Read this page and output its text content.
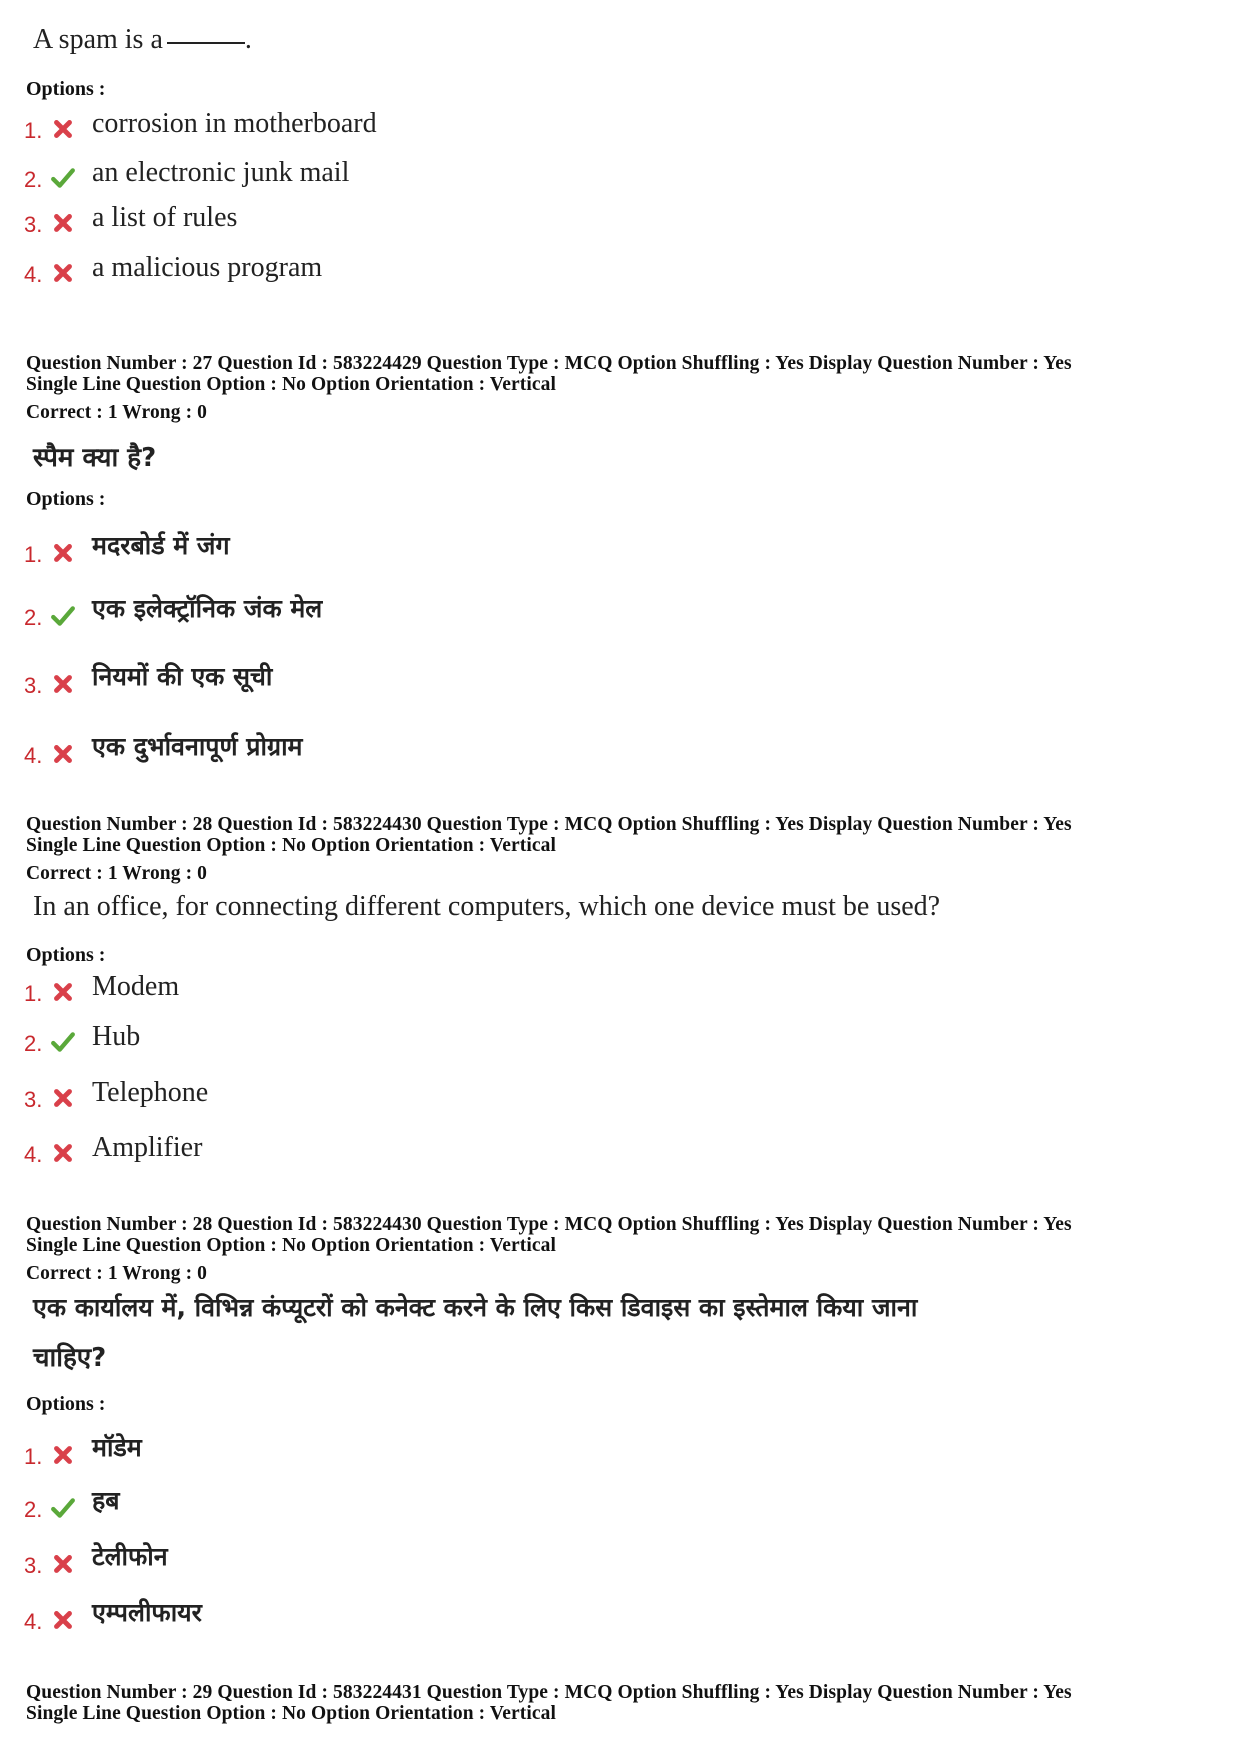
A spam is a	.
Options :
1. corrosion in motherboard
2. an electronic junk mail
3. a list of rules
4. a malicious program
Question Number : 27 Question Id : 583224429 Question Type : MCQ Option Shuffling : Yes Display Question Number : Yes
Single Line Question Option : No Option Orientation : Vertical
Correct : 1 Wrong : 0
स्पैम क्या है?
Options :
1. मदरबोर्ड में जंग
2. एक इलेक्ट्रॉनिक जंक मेल
3. नियमों की एक सूची
4. एक दुर्भावनापूर्ण प्रोग्राम
Question Number : 28 Question Id : 583224430 Question Type : MCQ Option Shuffling : Yes Display Question Number : Yes
Single Line Question Option : No Option Orientation : Vertical
Correct : 1 Wrong : 0
In an office, for connecting different computers, which one device must be used?
Options :
1. Modem
2. Hub
3. Telephone
4. Amplifier
Question Number : 28 Question Id : 583224430 Question Type : MCQ Option Shuffling : Yes Display Question Number : Yes
Single Line Question Option : No Option Orientation : Vertical
Correct : 1 Wrong : 0
एक कार्यालय में, विभिन्न कंप्यूटरों को कनेक्ट करने के लिए किस डिवाइस का इस्तेमाल किया जाना
चाहिए?
Options :
1. मॉडेम
2. हब
3. टेलीफोन
4. एम्पलीफायर
Question Number : 29 Question Id : 583224431 Question Type : MCQ Option Shuffling : Yes Display Question Number : Yes
Single Line Question Option : No Option Orientation : Vertical
